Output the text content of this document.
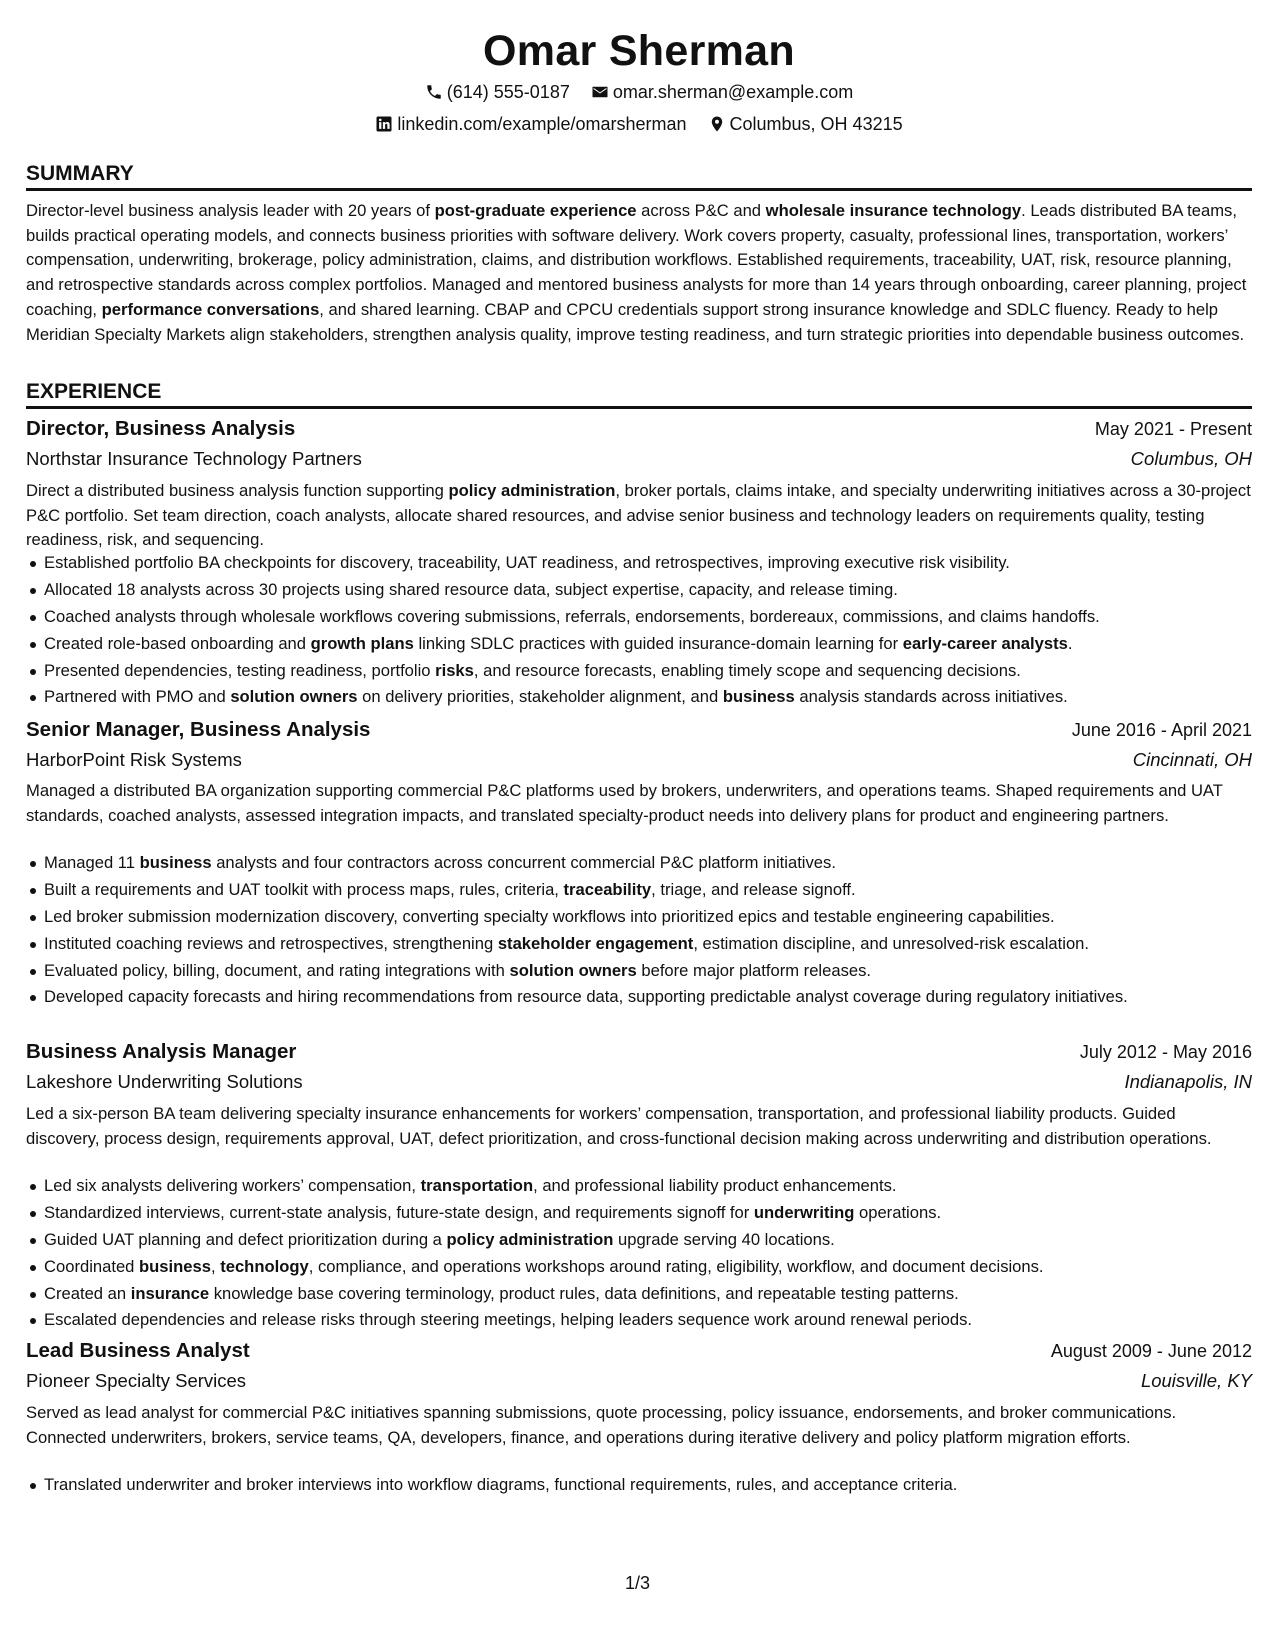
Omar Sherman
(614) 555-0187
omar.sherman@example.com
linkedin.com/example/omarsherman
Columbus, OH 43215
SUMMARY

Director-level business analysis leader with 20 years of post-graduate experience across P&C and wholesale insurance technology. Leads distributed BA teams, builds practical operating models, and connects business priorities with software delivery. Work covers property, casualty, professional lines, transportation, workers’ compensation, underwriting, brokerage, policy administration, claims, and distribution workflows. Established requirements, traceability, UAT, risk, resource planning, and retrospective standards across complex portfolios. Managed and mentored business analysts for more than 14 years through onboarding, career planning, project coaching, performance conversations, and shared learning. CBAP and CPCU credentials support strong insurance knowledge and SDLC fluency. Ready to help Meridian Specialty Markets align stakeholders, strengthen analysis quality, improve testing readiness, and turn strategic priorities into dependable business outcomes.

EXPERIENCE
Director, Business Analysis	May 2021 - Present
Northstar Insurance Technology Partners	Columbus, OH

Direct a distributed business analysis function supporting policy administration, broker portals, claims intake, and specialty underwriting initiatives across a 30-project P&C portfolio. Set team direction, coach analysts, allocate shared resources, and advise senior business and technology leaders on requirements quality, testing readiness, risk, and sequencing.

Established portfolio BA checkpoints for discovery, traceability, UAT readiness, and retrospectives, improving executive risk visibility.
Allocated 18 analysts across 30 projects using shared resource data, subject expertise, capacity, and release timing.
Coached analysts through wholesale workflows covering submissions, referrals, endorsements, bordereaux, commissions, and claims handoffs.
Created role-based onboarding and growth plans linking SDLC practices with guided insurance-domain learning for early-career analysts.
Presented dependencies, testing readiness, portfolio risks, and resource forecasts, enabling timely scope and sequencing decisions.
Partnered with PMO and solution owners on delivery priorities, stakeholder alignment, and business analysis standards across initiatives.
Senior Manager, Business Analysis	June 2016 - April 2021
HarborPoint Risk Systems	Cincinnati, OH

Managed a distributed BA organization supporting commercial P&C platforms used by brokers, underwriters, and operations teams. Shaped requirements and UAT standards, coached analysts, assessed integration impacts, and translated specialty-product needs into delivery plans for product and engineering partners.

Managed 11 business analysts and four contractors across concurrent commercial P&C platform initiatives.
Built a requirements and UAT toolkit with process maps, rules, criteria, traceability, triage, and release signoff.
Led broker submission modernization discovery, converting specialty workflows into prioritized epics and testable engineering capabilities.
Instituted coaching reviews and retrospectives, strengthening stakeholder engagement, estimation discipline, and unresolved-risk escalation.
Evaluated policy, billing, document, and rating integrations with solution owners before major platform releases.
Developed capacity forecasts and hiring recommendations from resource data, supporting predictable analyst coverage during regulatory initiatives.
Business Analysis Manager	July 2012 - May 2016
Lakeshore Underwriting Solutions	Indianapolis, IN

Led a six-person BA team delivering specialty insurance enhancements for workers’ compensation, transportation, and professional liability products. Guided discovery, process design, requirements approval, UAT, defect prioritization, and cross-functional decision making across underwriting and distribution operations.

Led six analysts delivering workers’ compensation, transportation, and professional liability product enhancements.
Standardized interviews, current-state analysis, future-state design, and requirements signoff for underwriting operations.
Guided UAT planning and defect prioritization during a policy administration upgrade serving 40 locations.
Coordinated business, technology, compliance, and operations workshops around rating, eligibility, workflow, and document decisions.
Created an insurance knowledge base covering terminology, product rules, data definitions, and repeatable testing patterns.
Escalated dependencies and release risks through steering meetings, helping leaders sequence work around renewal periods.
Lead Business Analyst	August 2009 - June 2012
Pioneer Specialty Services	Louisville, KY

Served as lead analyst for commercial P&C initiatives spanning submissions, quote processing, policy issuance, endorsements, and broker communications. Connected underwriters, brokers, service teams, QA, developers, finance, and operations during iterative delivery and policy platform migration efforts.

Translated underwriter and broker interviews into workflow diagrams, functional requirements, rules, and acceptance criteria.
1/3
